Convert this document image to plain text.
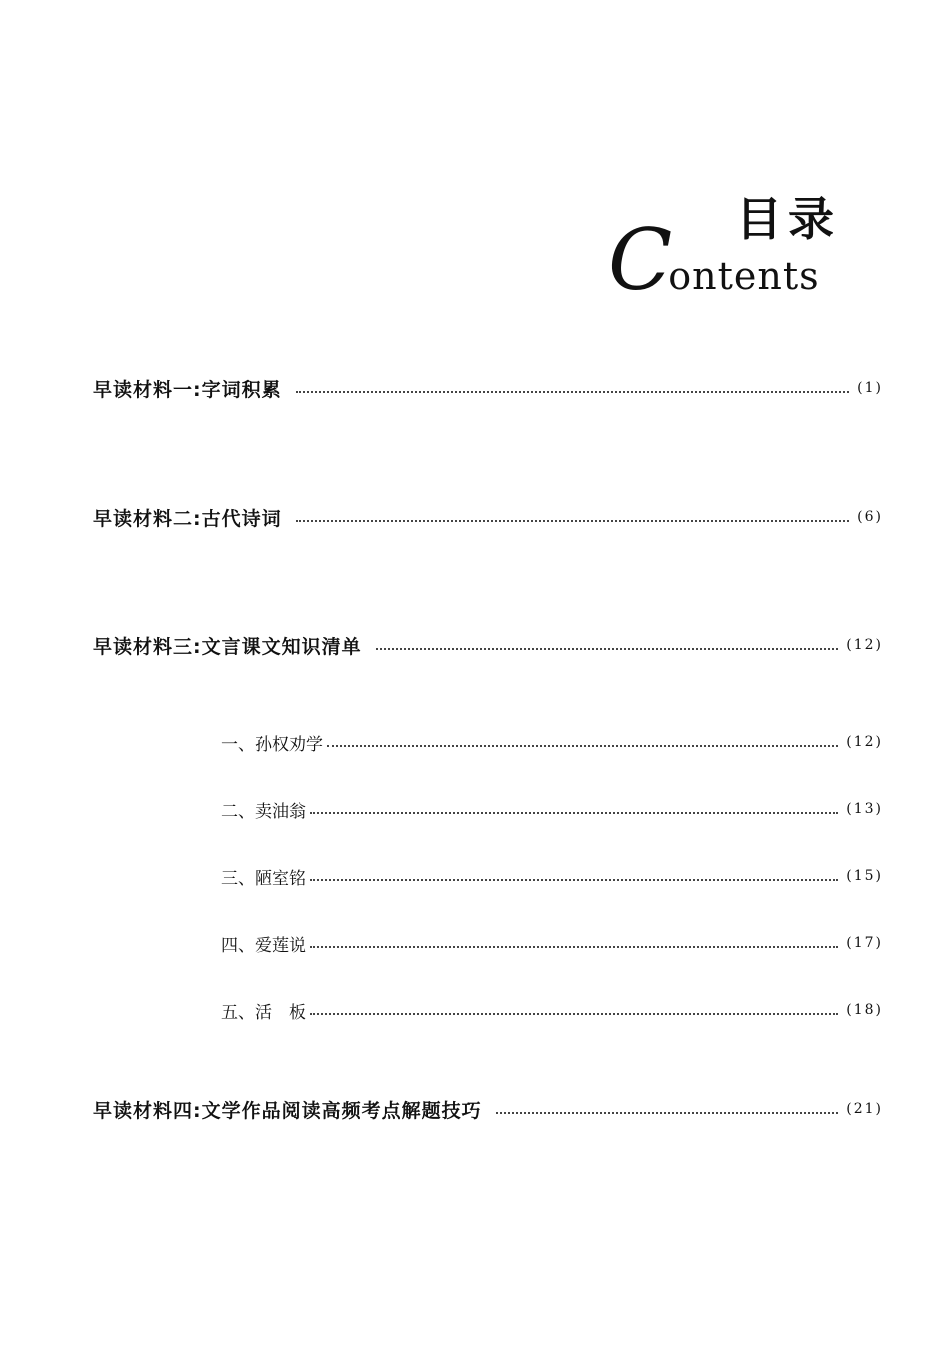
目录
Contents
早读材料一:字词积累	(1)
早读材料二:古代诗词	(6)
早读材料三:文言课文知识清单	(12)
一、孙权劝学	(12)
二、卖油翁	(13)
三、陋室铭	(15)
四、爱莲说	(17)
五、活　板	(18)
早读材料四:文学作品阅读高频考点解题技巧	(21)
